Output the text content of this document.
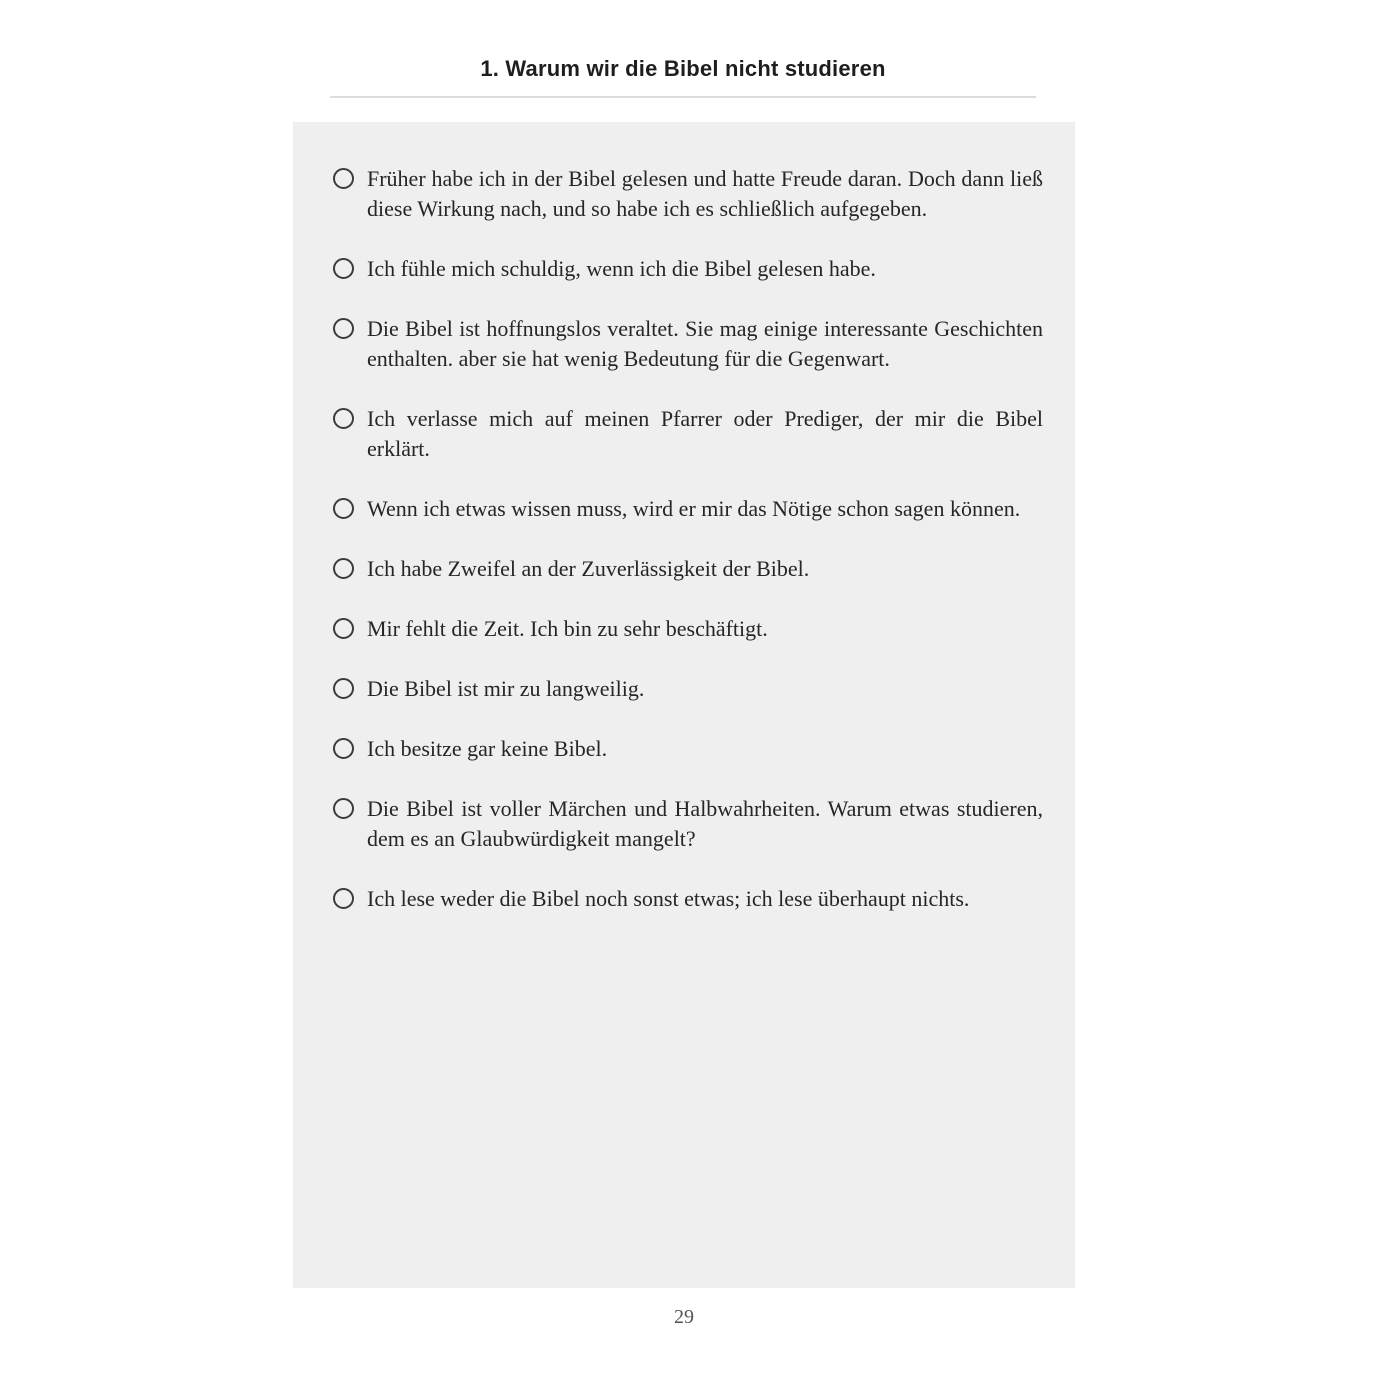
1. Warum wir die Bibel nicht studieren
Früher habe ich in der Bibel gelesen und hatte Freude daran. Doch dann ließ diese Wirkung nach, und so habe ich es schließlich aufgegeben.
Ich fühle mich schuldig, wenn ich die Bibel gelesen habe.
Die Bibel ist hoffnungslos veraltet. Sie mag einige interessante Geschichten enthalten. aber sie hat wenig Bedeutung für die Gegenwart.
Ich verlasse mich auf meinen Pfarrer oder Prediger, der mir die Bibel erklärt.
Wenn ich etwas wissen muss, wird er mir das Nötige schon sagen können.
Ich habe Zweifel an der Zuverlässigkeit der Bibel.
Mir fehlt die Zeit. Ich bin zu sehr beschäftigt.
Die Bibel ist mir zu langweilig.
Ich besitze gar keine Bibel.
Die Bibel ist voller Märchen und Halbwahrheiten. Warum etwas studieren, dem es an Glaubwürdigkeit mangelt?
Ich lese weder die Bibel noch sonst etwas; ich lese überhaupt nichts.
29
